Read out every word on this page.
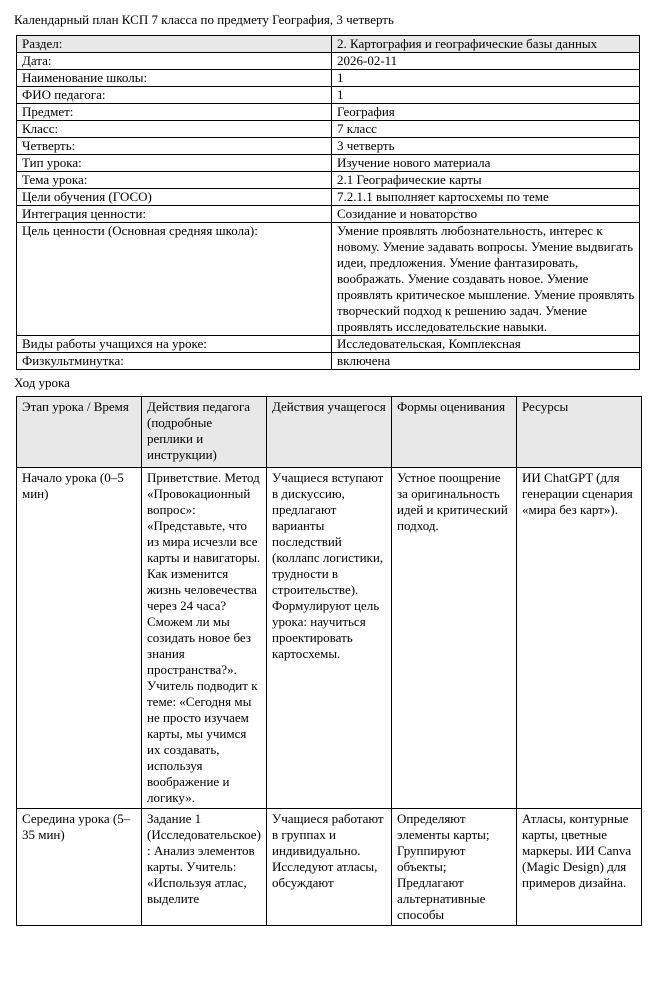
Календарный план КСП 7 класса по предмету География, 3 четверть
Раздел:	2. Картография и географические базы данных
Дата:	2026-02-11
Наименование школы:	1
ФИО педагога:	1
Предмет:	География
Класс:	7 класс
Четверть:	3 четверть
Тип урока:	Изучение нового материала
Тема урока:	2.1 Географические карты
Цели обучения (ГОСО)	7.2.1.1 выполняет картосхемы по теме
Интеграция ценности:	Созидание и новаторство
Цель ценности (Основная средняя школа):	Умение проявлять любознательность, интерес к новому. Умение задавать вопросы. Умение выдвигать идеи, предложения. Умение фантазировать, воображать. Умение создавать новое. Умение проявлять критическое мышление. Умение проявлять творческий подход к решению задач. Умение проявлять исследовательские навыки.
Виды работы учащихся на уроке:	Исследовательская, Комплексная
Физкультминутка:	включена
Ход урока
Этап урока / Время	Действия педагога (подробные реплики и инструкции)	Действия учащегося	Формы оценивания	Ресурсы
Начало урока (0–5 мин)	Приветствие. Метод «Провокационный вопрос»: «Представьте, что из мира исчезли все карты и навигаторы. Как изменится жизнь человечества через 24 часа? Сможем ли мы созидать новое без знания пространства?». Учитель подводит к теме: «Сегодня мы не просто изучаем карты, мы учимся их создавать, используя воображение и логику».	Учащиеся вступают в дискуссию, предлагают варианты последствий (коллапс логистики, трудности в строительстве). Формулируют цель урока: научиться проектировать картосхемы.	Устное поощрение за оригинальность идей и критический подход.	ИИ ChatGPT (для генерации сценария «мира без карт»).
Середина урока (5–35 мин)	Задание 1 (Исследовательское): Анализ элементов карты. Учитель: «Используя атлас, выделите	Учащиеся работают в группах и индивидуально. Исследуют атласы, обсуждают	Определяют элементы карты; Группируют объекты; Предлагают альтернативные способы	Атласы, контурные карты, цветные маркеры. ИИ Canva (Magic Design) для примеров дизайна.
